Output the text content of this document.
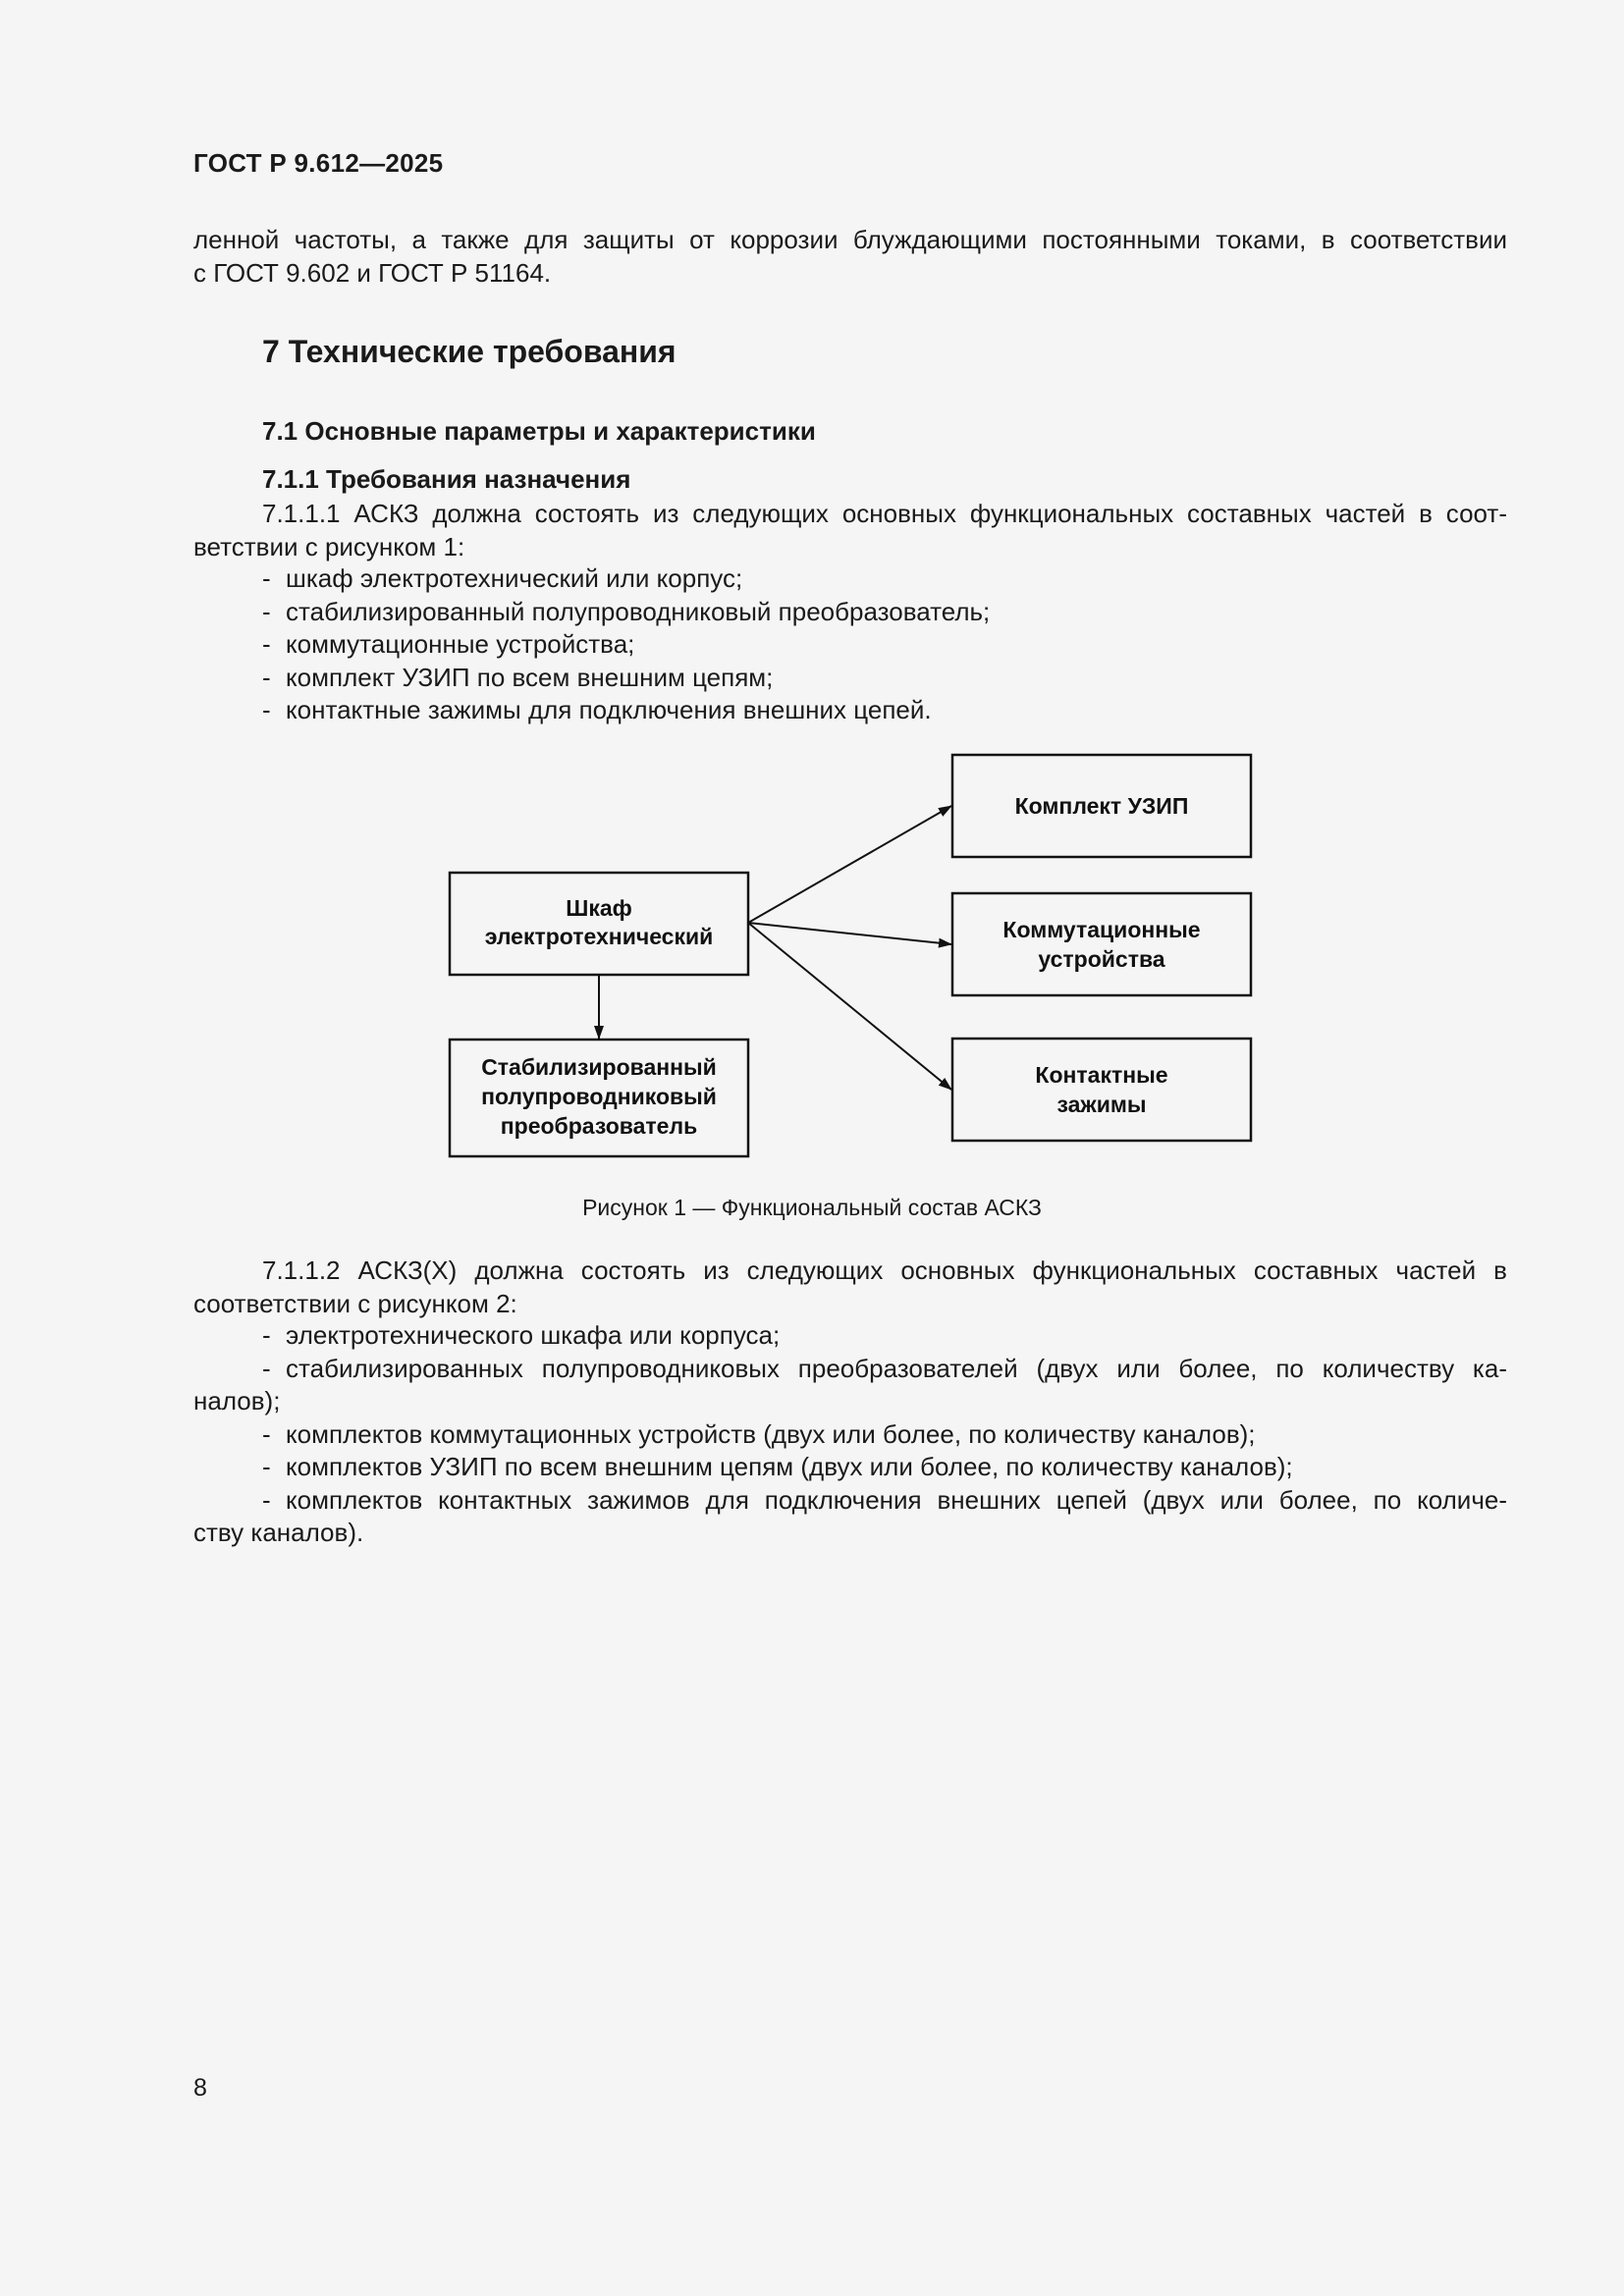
ГОСТ Р 9.612—2025
ленной частоты, а также для защиты от коррозии блуждающими постоянными токами, в соответствии
с ГОСТ 9.602 и ГОСТ Р 51164.
7 Технические требования
7.1 Основные параметры и характеристики
7.1.1 Требования назначения
7.1.1.1 АСКЗ должна состоять из следующих основных функциональных составных частей в соот-
ветствии с рисунком 1:
- шкаф электротехнический или корпус;
- стабилизированный полупроводниковый преобразователь;
- коммутационные устройства;
- комплект УЗИП по всем внешним цепям;
- контактные зажимы для подключения внешних цепей.
Шкаф
электротехнический
Стабилизированный
полупроводниковый
преобразователь
Комплект УЗИП
Коммутационные
устройства
Контактные
зажимы
Рисунок 1 — Функциональный состав АСКЗ
7.1.1.2 АСКЗ(Х) должна состоять из следующих основных функциональных составных частей в
соответствии с рисунком 2:
- электротехнического шкафа или корпуса;
- стабилизированных полупроводниковых преобразователей (двух или более, по количеству ка-
налов);
- комплектов коммутационных устройств (двух или более, по количеству каналов);
- комплектов УЗИП по всем внешним цепям (двух или более, по количеству каналов);
- комплектов контактных зажимов для подключения внешних цепей (двух или более, по количе-
ству каналов).
8
